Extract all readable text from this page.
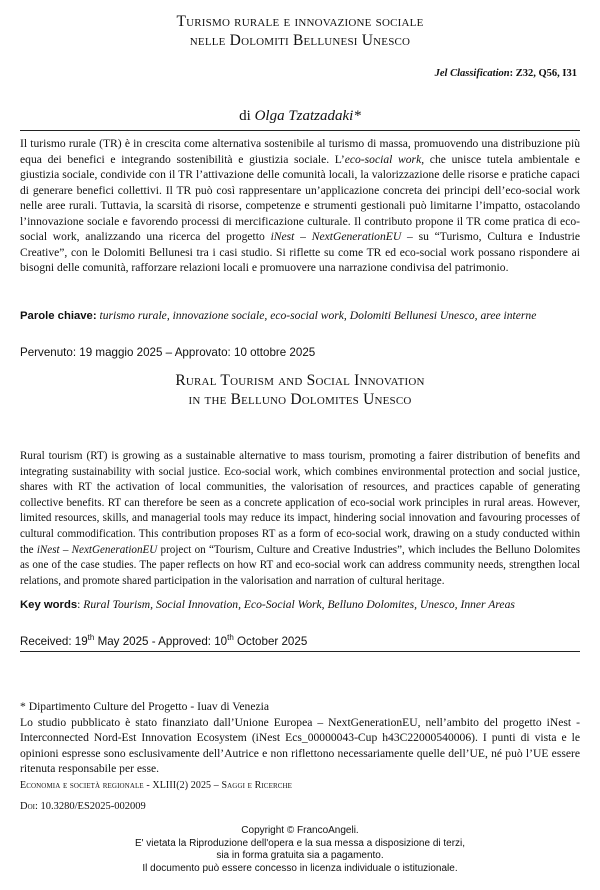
Turismo rurale e innovazione sociale
nelle Dolomiti Bellunesi Unesco
Jel Classification: Z32, Q56, I31
di Olga Tzatzadaki*

Il turismo rurale (TR) è in crescita come alternativa sostenibile al turismo di massa, promuovendo una distribuzione più equa dei benefici e integrando sostenibilità e giustizia sociale. L’eco-social work, che unisce tutela ambientale e giustizia sociale, condivide con il TR l’attivazione delle comunità locali, la valorizzazione delle risorse e pratiche capaci di generare benefici collettivi. Il TR può così rappresentare un’applicazione concreta dei principi dell’eco-social work nelle aree rurali. Tuttavia, la scarsità di risorse, competenze e strumenti gestionali può limitarne l’impatto, ostacolando l’innovazione sociale e favorendo processi di mercificazione culturale. Il contributo propone il TR come pratica di eco-social work, analizzando una ricerca del progetto iNest – NextGenerationEU – su “Turismo, Cultura e Industrie Creative”, con le Dolomiti Bellunesi tra i casi studio. Si riflette su come TR ed eco-social work possano rispondere ai bisogni delle comunità, rafforzare relazioni locali e promuovere una narrazione condivisa del patrimonio.

Parole chiave: turismo rurale, innovazione sociale, eco-social work, Dolomiti Bellunesi Unesco, aree interne

Pervenuto: 19 maggio 2025 – Approvato: 10 ottobre 2025
Rural Tourism and Social Innovation
in the Belluno Dolomites Unesco

Rural tourism (RT) is growing as a sustainable alternative to mass tourism, promoting a fairer distribution of benefits and integrating sustainability with social justice. Eco-social work, which combines environmental protection and social justice, shares with RT the activation of local communities, the valorisation of resources, and practices capable of generating collective benefits. RT can therefore be seen as a concrete application of eco-social work principles in rural areas. However, limited resources, skills, and managerial tools may reduce its impact, hindering social innovation and favouring processes of cultural commodification. This contribution proposes RT as a form of eco-social work, drawing on a study conducted within the iNest – NextGenerationEU project on “Tourism, Culture and Creative Industries”, which includes the Belluno Dolomites as one of the case studies. The paper reflects on how RT and eco-social work can address community needs, strengthen local relations, and promote shared participation in the valorisation and narration of cultural heritage.

Key words: Rural Tourism, Social Innovation, Eco-Social Work, Belluno Dolomites, Unesco, Inner Areas

Received: 19th May 2025 - Approved: 10th October 2025

* Dipartimento Culture del Progetto - Iuav di Venezia
Lo studio pubblicato è stato finanziato dall’Unione Europea – NextGenerationEU, nell’ambito del progetto iNest - Interconnected Nord-Est Innovation Ecosystem (iNest Ecs_00000043-Cup h43C22000540006). I punti di vista e le opinioni espresse sono esclusivamente dell’Autrice e non riflettono necessariamente quelle dell’UE, né può l’UE essere ritenuta responsabile per esse.

Economia e società regionale - XLIII(2) 2025 – Saggi e Ricerche
Doi: 10.3280/ES2025-002009
Copyright © FrancoAngeli.
E' vietata la Riproduzione dell'opera e la sua messa a disposizione di terzi,
sia in forma gratuita sia a pagamento.
Il documento può essere concesso in licenza individuale o istituzionale.
